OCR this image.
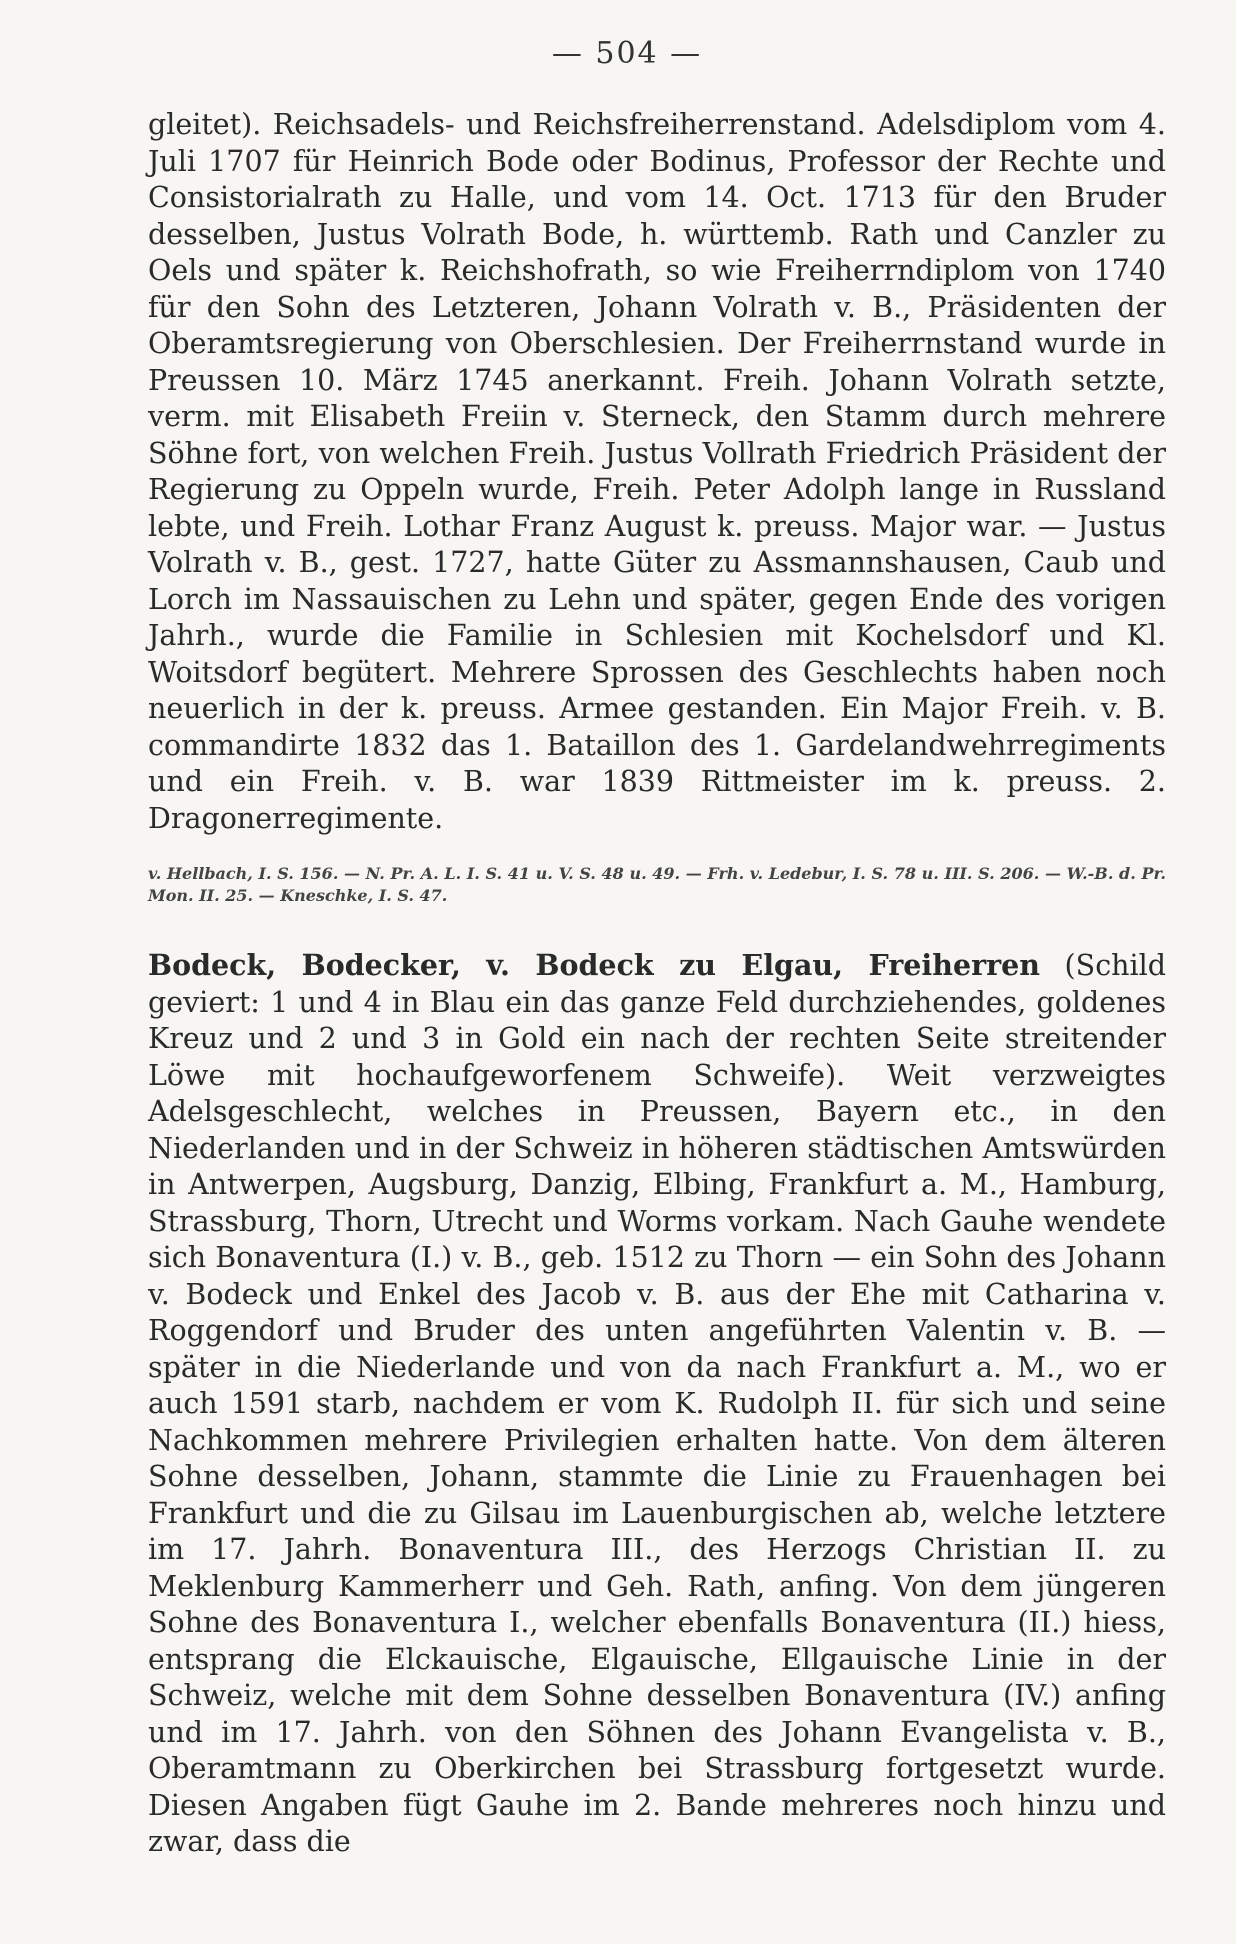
— 504 —

gleitet). Reichsadels- und Reichsfreiherrenstand. Adelsdiplom vom 4. Juli 1707 für Heinrich Bode oder Bodinus, Professor der Rechte und Consistorialrath zu Halle, und vom 14. Oct. 1713 für den Bruder desselben, Justus Volrath Bode, h. württemb. Rath und Canzler zu Oels und später k. Reichshofrath, so wie Freiherrndiplom von 1740 für den Sohn des Letzteren, Johann Volrath v. B., Präsidenten der Oberamtsregierung von Oberschlesien. Der Freiherrnstand wurde in Preussen 10. März 1745 anerkannt. Freih. Johann Volrath setzte, verm. mit Elisabeth Freiin v. Sterneck, den Stamm durch mehrere Söhne fort, von welchen Freih. Justus Vollrath Friedrich Präsident der Regierung zu Oppeln wurde, Freih. Peter Adolph lange in Russland lebte, und Freih. Lothar Franz August k. preuss. Major war. — Justus Volrath v. B., gest. 1727, hatte Güter zu Assmannshausen, Caub und Lorch im Nassauischen zu Lehn und später, gegen Ende des vorigen Jahrh., wurde die Familie in Schlesien mit Kochelsdorf und Kl. Woitsdorf begütert. Mehrere Sprossen des Geschlechts haben noch neuerlich in der k. preuss. Armee gestanden. Ein Major Freih. v. B. commandirte 1832 das 1. Bataillon des 1. Gardelandwehrregiments und ein Freih. v. B. war 1839 Rittmeister im k. preuss. 2. Dragonerregimente.

v. Hellbach, I. S. 156. — N. Pr. A. L. I. S. 41 u. V. S. 48 u. 49. — Frh. v. Ledebur, I. S. 78 u. III. S. 206. — W.-B. d. Pr. Mon. II. 25. — Kneschke, I. S. 47.

Bodeck, Bodecker, v. Bodeck zu Elgau, Freiherren (Schild geviert: 1 und 4 in Blau ein das ganze Feld durchziehendes, goldenes Kreuz und 2 und 3 in Gold ein nach der rechten Seite streitender Löwe mit hochaufgeworfenem Schweife). Weit verzweigtes Adelsgeschlecht, welches in Preussen, Bayern etc., in den Niederlanden und in der Schweiz in höheren städtischen Amtswürden in Antwerpen, Augsburg, Danzig, Elbing, Frankfurt a. M., Hamburg, Strassburg, Thorn, Utrecht und Worms vorkam. Nach Gauhe wendete sich Bonaventura (I.) v. B., geb. 1512 zu Thorn — ein Sohn des Johann v. Bodeck und Enkel des Jacob v. B. aus der Ehe mit Catharina v. Roggendorf und Bruder des unten angeführten Valentin v. B. — später in die Niederlande und von da nach Frankfurt a. M., wo er auch 1591 starb, nachdem er vom K. Rudolph II. für sich und seine Nachkommen mehrere Privilegien erhalten hatte. Von dem älteren Sohne desselben, Johann, stammte die Linie zu Frauenhagen bei Frankfurt und die zu Gilsau im Lauenburgischen ab, welche letztere im 17. Jahrh. Bonaventura III., des Herzogs Christian II. zu Meklenburg Kammerherr und Geh. Rath, anfing. Von dem jüngeren Sohne des Bonaventura I., welcher ebenfalls Bonaventura (II.) hiess, entsprang die Elckauische, Elgauische, Ellgauische Linie in der Schweiz, welche mit dem Sohne desselben Bonaventura (IV.) anfing und im 17. Jahrh. von den Söhnen des Johann Evangelista v. B., Oberamtmann zu Oberkirchen bei Strassburg fortgesetzt wurde. Diesen Angaben fügt Gauhe im 2. Bande mehreres noch hinzu und zwar, dass die
